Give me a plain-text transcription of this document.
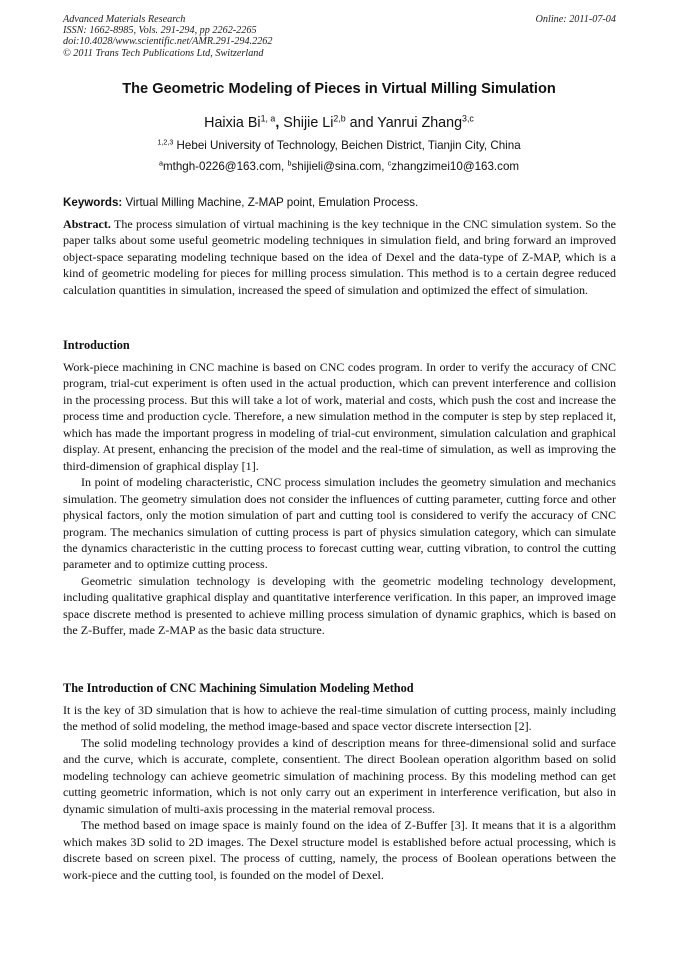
Advanced Materials Research
ISSN: 1662-8985, Vols. 291-294, pp 2262-2265
doi:10.4028/www.scientific.net/AMR.291-294.2262
© 2011 Trans Tech Publications Ltd, Switzerland
Online: 2011-07-04
The Geometric Modeling of Pieces in Virtual Milling Simulation
Haixia Bi$^{1, a}$, Shijie Li$^{2,b}$ and Yanrui Zhang$^{3,c}$
$^{1,2,3}$ Hebei University of Technology, Beichen District, Tianjin City, China
$^a$mthgh-0226@163.com, $^b$shijieli@sina.com, $^c$zhangzimei10@163.com
Keywords: Virtual Milling Machine, Z-MAP point, Emulation Process.

Abstract. The process simulation of virtual machining is the key technique in the CNC simulation system. So the paper talks about some useful geometric modeling techniques in simulation field, and bring forward an improved object-space separating modeling technique based on the idea of Dexel and the data-type of Z-MAP, which is a kind of geometric modeling for pieces for milling process simulation. This method is to a certain degree reduced calculation quantities in simulation, increased the speed of simulation and optimized the effect of simulation.

Introduction

Work-piece machining in CNC machine is based on CNC codes program. In order to verify the accuracy of CNC program, trial-cut experiment is often used in the actual production, which can prevent interference and collision in the processing process. But this will take a lot of work, material and costs, which push the cost and increase the process time and production cycle. Therefore, a new simulation method in the computer is step by step replaced it, which has made the important progress in modeling of trial-cut environment, simulation calculation and graphical display. At present, enhancing the precision of the model and the real-time of simulation, as well as improving the third-dimension of graphical display [1].

In point of modeling characteristic, CNC process simulation includes the geometry simulation and mechanics simulation. The geometry simulation does not consider the influences of cutting parameter, cutting force and other physical factors, only the motion simulation of part and cutting tool is considered to verify the accuracy of CNC program. The mechanics simulation of cutting process is part of physics simulation category, which can simulate the dynamics characteristic in the cutting process to forecast cutting wear, cutting vibration, to control the cutting parameter and to optimize cutting process.

Geometric simulation technology is developing with the geometric modeling technology development, including qualitative graphical display and quantitative interference verification. In this paper, an improved image space discrete method is presented to achieve milling process simulation of dynamic graphics, which is based on the Z-Buffer, made Z-MAP as the basic data structure.

The Introduction of CNC Machining Simulation Modeling Method

It is the key of 3D simulation that is how to achieve the real-time simulation of cutting process, mainly including the method of solid modeling, the method image-based and space vector discrete intersection [2].

The solid modeling technology provides a kind of description means for three-dimensional solid and surface and the curve, which is accurate, complete, consentient. The direct Boolean operation algorithm based on solid modeling technology can achieve geometric simulation of machining process. By this modeling method can get cutting geometric information, which is not only carry out an experiment in interference verification, but also in dynamic simulation of multi-axis processing in the material removal process.

The method based on image space is mainly found on the idea of Z-Buffer [3]. It means that it is a algorithm which makes 3D solid to 2D images. The Dexel structure model is established before actual processing, which is discrete based on screen pixel. The process of cutting, namely, the process of Boolean operations between the work-piece and the cutting tool, is founded on the model of Dexel.
